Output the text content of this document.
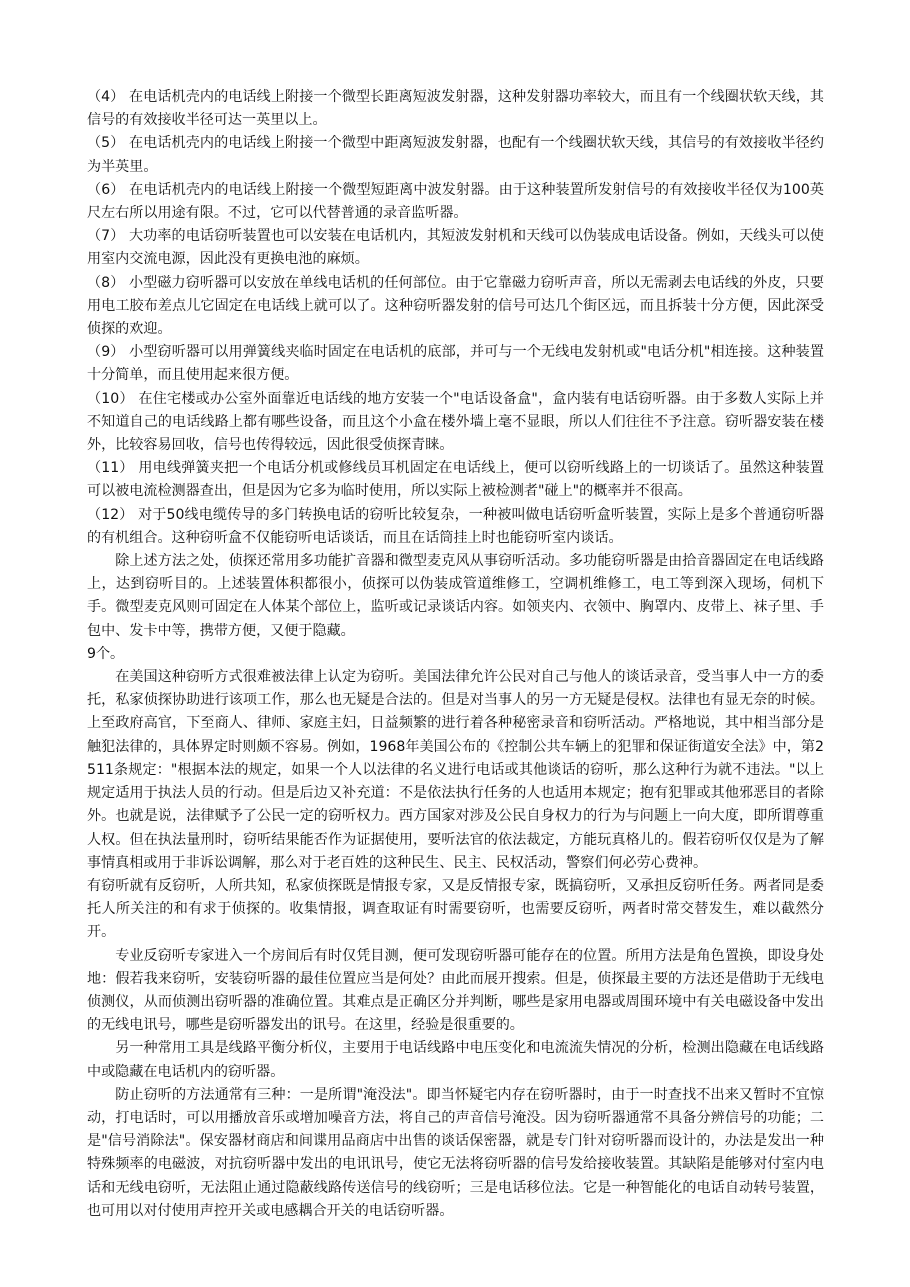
（4） 在电话机壳内的电话线上附接一个微型长距离短波发射器，这种发射器功率较大，而且有一个线圈状软天线，其信号的有效接收半径可达一英里以上。

（5） 在电话机壳内的电话线上附接一个微型中距离短波发射器，也配有一个线圈状软天线，其信号的有效接收半径约为半英里。

（6） 在电话机壳内的电话线上附接一个微型短距离中波发射器。由于这种装置所发射信号的有效接收半径仅为100英尺左右所以用途有限。不过，它可以代替普通的录音监听器。

（7） 大功率的电话窃听装置也可以安装在电话机内，其短波发射机和天线可以伪装成电话设备。例如，天线头可以使用室内交流电源，因此没有更换电池的麻烦。

（8） 小型磁力窃听器可以安放在单线电话机的任何部位。由于它靠磁力窃听声音，所以无需剥去电话线的外皮，只要用电工胶布差点儿它固定在电话线上就可以了。这种窃听器发射的信号可达几个街区远，而且拆装十分方便，因此深受侦探的欢迎。

（9） 小型窃听器可以用弹簧线夹临时固定在电话机的底部，并可与一个无线电发射机或"电话分机"相连接。这种装置十分简单，而且使用起来很方便。

（10） 在住宅楼或办公室外面靠近电话线的地方安装一个"电话设备盒"，盒内装有电话窃听器。由于多数人实际上并不知道自己的电话线路上都有哪些设备，而且这个小盒在楼外墙上毫不显眼，所以人们往往不予注意。窃听器安装在楼外，比较容易回收，信号也传得较远，因此很受侦探青睐。

（11） 用电线弹簧夹把一个电话分机或修线员耳机固定在电话线上，便可以窃听线路上的一切谈话了。虽然这种装置可以被电流检测器查出，但是因为它多为临时使用，所以实际上被检测者"碰上"的概率并不很高。

（12） 对于50线电缆传导的多门转换电话的窃听比较复杂，一种被叫做电话窃听盒听装置，实际上是多个普通窃听器的有机组合。这种窃听盒不仅能窃听电话谈话，而且在话筒挂上时也能窃听室内谈话。

除上述方法之处，侦探还常用多功能扩音器和微型麦克风从事窃听活动。多功能窃听器是由拾音器固定在电话线路上，达到窃听目的。上述装置体积都很小，侦探可以伪装成管道维修工，空调机维修工，电工等到深入现场，伺机下手。微型麦克风则可固定在人体某个部位上，监听或记录谈话内容。如领夹内、衣领中、胸罩内、皮带上、袜子里、手包中、发卡中等，携带方便，又便于隐藏。

9个。

在美国这种窃听方式很难被法律上认定为窃听。美国法律允许公民对自己与他人的谈话录音，受当事人中一方的委托，私家侦探协助进行该项工作，那么也无疑是合法的。但是对当事人的另一方无疑是侵权。法律也有显无奈的时候。上至政府高官，下至商人、律师、家庭主妇，日益频繁的进行着各种秘密录音和窃听活动。严格地说，其中相当部分是触犯法律的，具体界定时则颇不容易。例如，1968年美国公布的《控制公共车辆上的犯罪和保证街道安全法》中，第2511条规定："根据本法的规定，如果一个人以法律的名义进行电话或其他谈话的窃听，那么这种行为就不违法。"以上规定适用于执法人员的行动。但是后边又补充道：不是依法执行任务的人也适用本规定；抱有犯罪或其他邪恶目的者除外。也就是说，法律赋予了公民一定的窃听权力。西方国家对涉及公民自身权力的行为与问题上一向大度，即所谓尊重人权。但在执法量刑时，窃听结果能否作为证据使用，要听法官的依法裁定，方能玩真格儿的。假若窃听仅仅是为了解事情真相或用于非诉讼调解，那么对于老百姓的这种民生、民主、民权活动，警察们何必劳心费神。

有窃听就有反窃听，人所共知，私家侦探既是情报专家，又是反情报专家，既搞窃听，又承担反窃听任务。两者同是委托人所关注的和有求于侦探的。收集情报，调查取证有时需要窃听，也需要反窃听，两者时常交替发生，难以截然分开。

专业反窃听专家进入一个房间后有时仅凭目测，便可发现窃听器可能存在的位置。所用方法是角色置换，即设身处地：假若我来窃听，安装窃听器的最佳位置应当是何处？由此而展开搜索。但是，侦探最主要的方法还是借助于无线电侦测仪，从而侦测出窃听器的准确位置。其难点是正确区分并判断，哪些是家用电器或周围环境中有关电磁设备中发出的无线电讯号，哪些是窃听器发出的讯号。在这里，经验是很重要的。

另一种常用工具是线路平衡分析仪，主要用于电话线路中电压变化和电流流失情况的分析，检测出隐藏在电话线路中或隐藏在电话机内的窃听器。

防止窃听的方法通常有三种：一是所谓"淹没法"。即当怀疑宅内存在窃听器时，由于一时查找不出来又暂时不宜惊动，打电话时，可以用播放音乐或增加噪音方法，将自己的声音信号淹没。因为窃听器通常不具备分辨信号的功能；二是"信号消除法"。保安器材商店和间谍用品商店中出售的谈话保密器，就是专门针对窃听器而设计的，办法是发出一种特殊频率的电磁波，对抗窃听器中发出的电讯讯号，使它无法将窃听器的信号发给接收装置。其缺陷是能够对付室内电话和无线电窃听，无法阻止通过隐蔽线路传送信号的线窃听；三是电话移位法。它是一种智能化的电话自动转号装置，也可用以对付使用声控开关或电感耦合开关的电话窃听器。
